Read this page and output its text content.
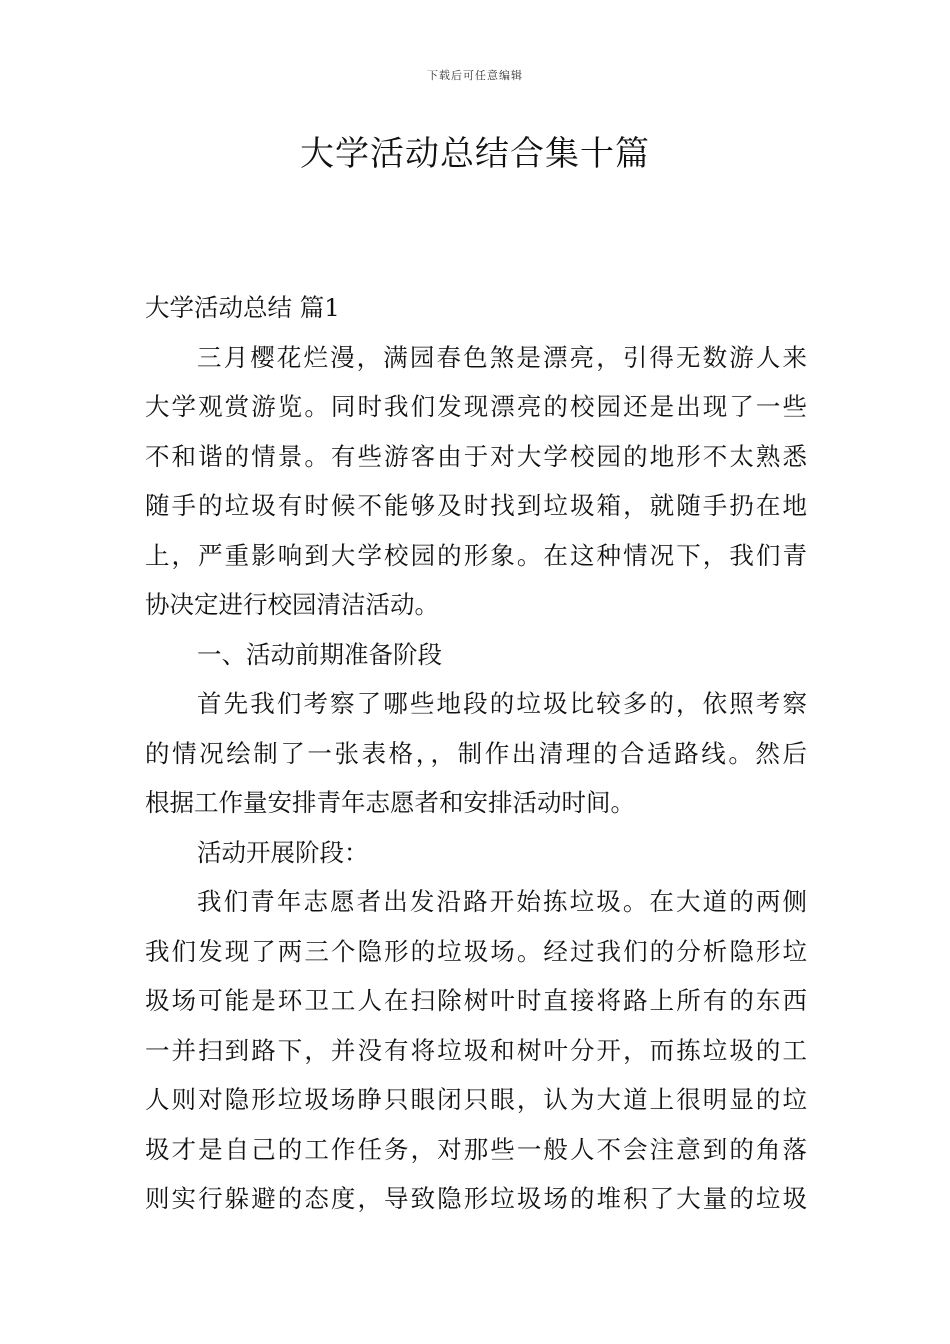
下载后可任意编辑
大学活动总结合集十篇
大学活动总结 篇1
三月樱花烂漫，满园春色煞是漂亮，引得无数游人来
大学观赏游览。同时我们发现漂亮的校园还是出现了一些
不和谐的情景。有些游客由于对大学校园的地形不太熟悉
随手的垃圾有时候不能够及时找到垃圾箱，就随手扔在地
上，严重影响到大学校园的形象。在这种情况下，我们青
协决定进行校园清洁活动。
一、活动前期准备阶段
首先我们考察了哪些地段的垃圾比较多的，依照考察
的情况绘制了一张表格，，制作出清理的合适路线。然后
根据工作量安排青年志愿者和安排活动时间。
活动开展阶段：
我们青年志愿者出发沿路开始拣垃圾。在大道的两侧
我们发现了两三个隐形的垃圾场。经过我们的分析隐形垃
圾场可能是环卫工人在扫除树叶时直接将路上所有的东西
一并扫到路下，并没有将垃圾和树叶分开，而拣垃圾的工
人则对隐形垃圾场睁只眼闭只眼，认为大道上很明显的垃
圾才是自己的工作任务，对那些一般人不会注意到的角落
则实行躲避的态度，导致隐形垃圾场的堆积了大量的垃圾
